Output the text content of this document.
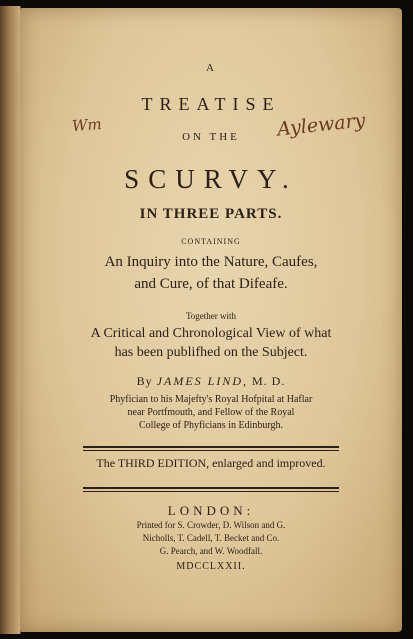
A
TREATISE
ON THE
SCURVY.
IN THREE PARTS.
CONTAINING
An Inquiry into the Nature, Caufes,
and Cure, of that Difeafe.
Together with
A Critical and Chronological View of what
has been publifhed on the Subject.
By JAMES LIND, M. D.
Phyfician to his Majefty's Royal Hofpital at Haflar
near Portfmouth, and Fellow of the Royal
College of Phyficians in Edinburgh.
The THIRD EDITION, enlarged and improved.
LONDON:
Printed for S. Crowder, D. Wilson and G.
Nicholls, T. Cadell, T. Becket and Co.
G. Pearch, and W. Woodfall.
MDCCLXXII.
Wm	Aylewary
